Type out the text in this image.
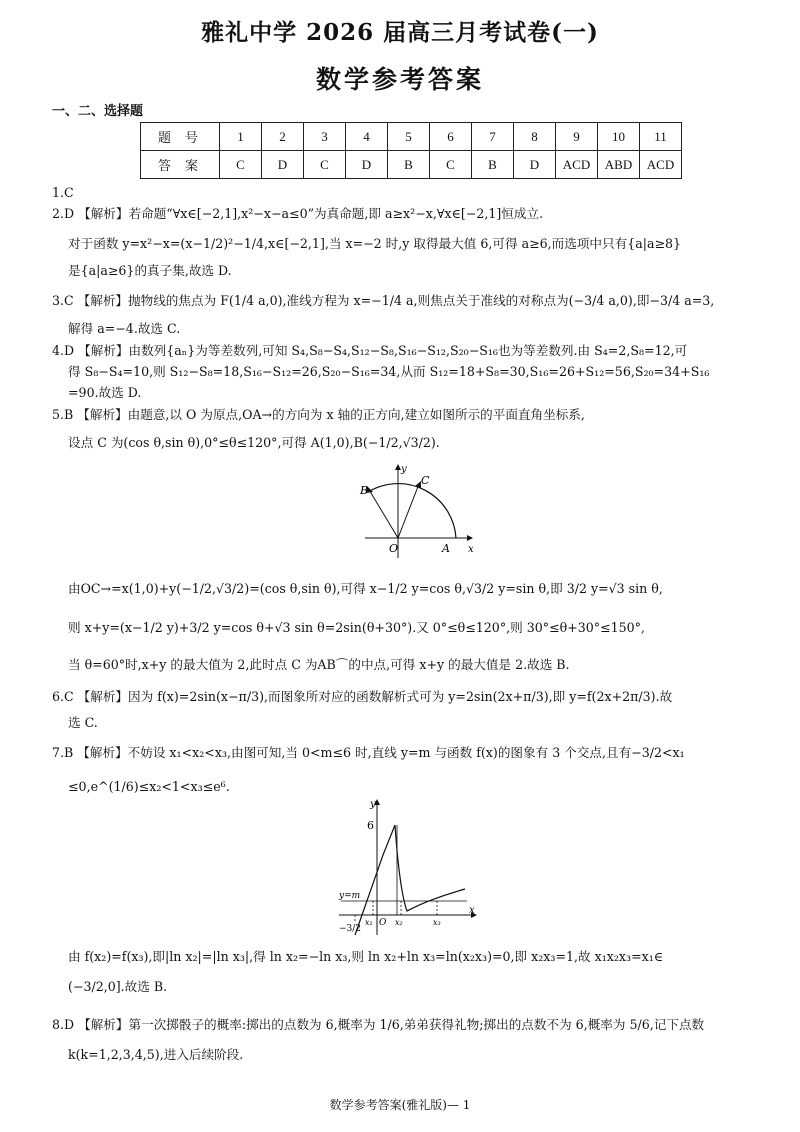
雅礼中学 2026 届高三月考试卷(一)
数学参考答案
一、二、选择题
题号	1	2	3	4	5	6	7	8	9	10	11
答案	C	D	C	D	B	C	B	D	ACD	ABD	ACD
1.C
2.D 【解析】若命题“∀x∈[−2,1],x²−x−a≤0”为真命题,即 a≥x²−x,∀x∈[−2,1]恒成立.
对于函数 y=x²−x=(x−1/2)²−1/4,x∈[−2,1],当 x=−2 时,y 取得最大值 6,可得 a≥6,而选项中只有{a|a≥8}
是{a|a≥6}的真子集,故选 D.
3.C 【解析】抛物线的焦点为 F(1/4 a,0),准线方程为 x=−1/4 a,则焦点关于准线的对称点为(−3/4 a,0),即−3/4 a=3,
解得 a=−4.故选 C.
4.D 【解析】由数列{aₙ}为等差数列,可知 S₄,S₈−S₄,S₁₂−S₈,S₁₆−S₁₂,S₂₀−S₁₆也为等差数列.由 S₄=2,S₈=12,可
得 S₈−S₄=10,则 S₁₂−S₈=18,S₁₆−S₁₂=26,S₂₀−S₁₆=34,从而 S₁₂=18+S₈=30,S₁₆=26+S₁₂=56,S₂₀=34+S₁₆
=90.故选 D.
5.B 【解析】由题意,以 O 为原点,OA→的方向为 x 轴的正方向,建立如图所示的平面直角坐标系,
设点 C 为(cos θ,sin θ),0°≤θ≤120°,可得 A(1,0),B(−1/2,√3/2).
y
x
O	A
B
C
由OC→=x(1,0)+y(−1/2,√3/2)=(cos θ,sin θ),可得 x−1/2 y=cos θ,√3/2 y=sin θ,即 3/2 y=√3 sin θ,
则 x+y=(x−1/2 y)+3/2 y=cos θ+√3 sin θ=2sin(θ+30°).又 0°≤θ≤120°,则 30°≤θ+30°≤150°,
当 θ=60°时,x+y 的最大值为 2,此时点 C 为AB⌒的中点,可得 x+y 的最大值是 2.故选 B.
6.C 【解析】因为 f(x)=2sin(x−π/3),而图象所对应的函数解析式可为 y=2sin(2x+π/3),即 y=f(2x+2π/3).故
选 C.
7.B 【解析】不妨设 x₁<x₂<x₃,由图可知,当 0<m≤6 时,直线 y=m 与函数 f(x)的图象有 3 个交点,且有−3/2<x₁
≤0,e^(1/6)≤x₂<1<x₃≤e⁶.
y
x
6
y=m
−3/2
O
x₁	x₂	x₃
由 f(x₂)=f(x₃),即|ln x₂|=|ln x₃|,得 ln x₂=−ln x₃,则 ln x₂+ln x₃=ln(x₂x₃)=0,即 x₂x₃=1,故 x₁x₂x₃=x₁∈
(−3/2,0].故选 B.
8.D 【解析】第一次掷骰子的概率:掷出的点数为 6,概率为 1/6,弟弟获得礼物;掷出的点数不为 6,概率为 5/6,记下点数
k(k=1,2,3,4,5),进入后续阶段.
数学参考答案(雅礼版)— 1
